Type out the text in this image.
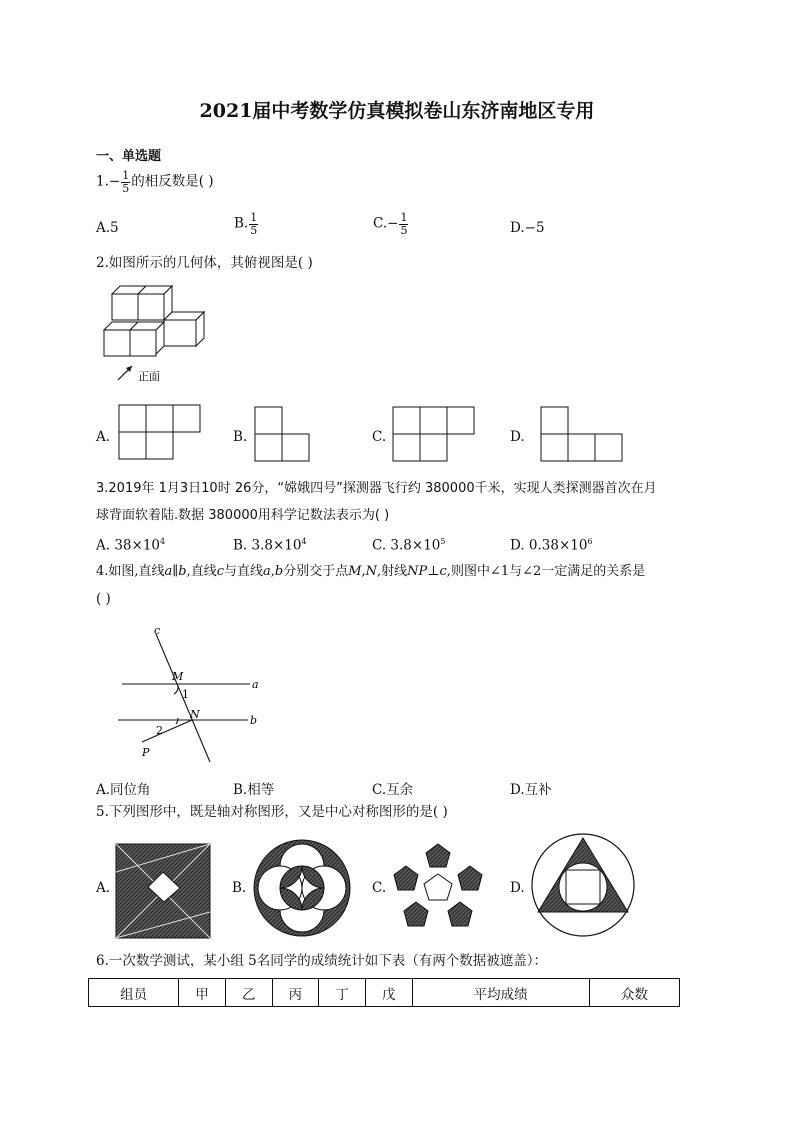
2021届中考数学仿真模拟卷山东济南地区专用
一、单选题
$1.- \frac{1}{5}$ 的相反数是( )
A.5	B. $\frac{1}{5}$	$C.- \frac{1}{5}$	D.−5
2.如图所示的几何体，其俯视图是( )
正面
A.	B.	C.	D.
3.2019年 1月3日10时 26分，“嫦娥四号”探测器飞行约 380000千米，实现人类探测器首次在月
球背面软着陆.数据 380000用科学记数法表示为( )
A. $38\times 10^4$	B. $3.8\times 10^4$	C. $3.8\times 10^5$	D. $0.38\times 10^6$
4.如图,直线𝑎∥𝑏,直线𝑐与直线𝑎,𝑏分别交于点𝑀,𝑁,射线𝑁𝑃⊥𝑐,则图中∠1与∠2一定满足的关系是
( )
c
M
1
a
N	b
2
P
A.同位角	B.相等	C.互余	D.互补
5.下列图形中，既是轴对称图形，又是中心对称图形的是( )
A.	B.	C.	D.
6.一次数学测试，某小组 5名同学的成绩统计如下表（有两个数据被遮盖）：
组员	甲	乙	丙	丁	戊	平均成绩	众数
